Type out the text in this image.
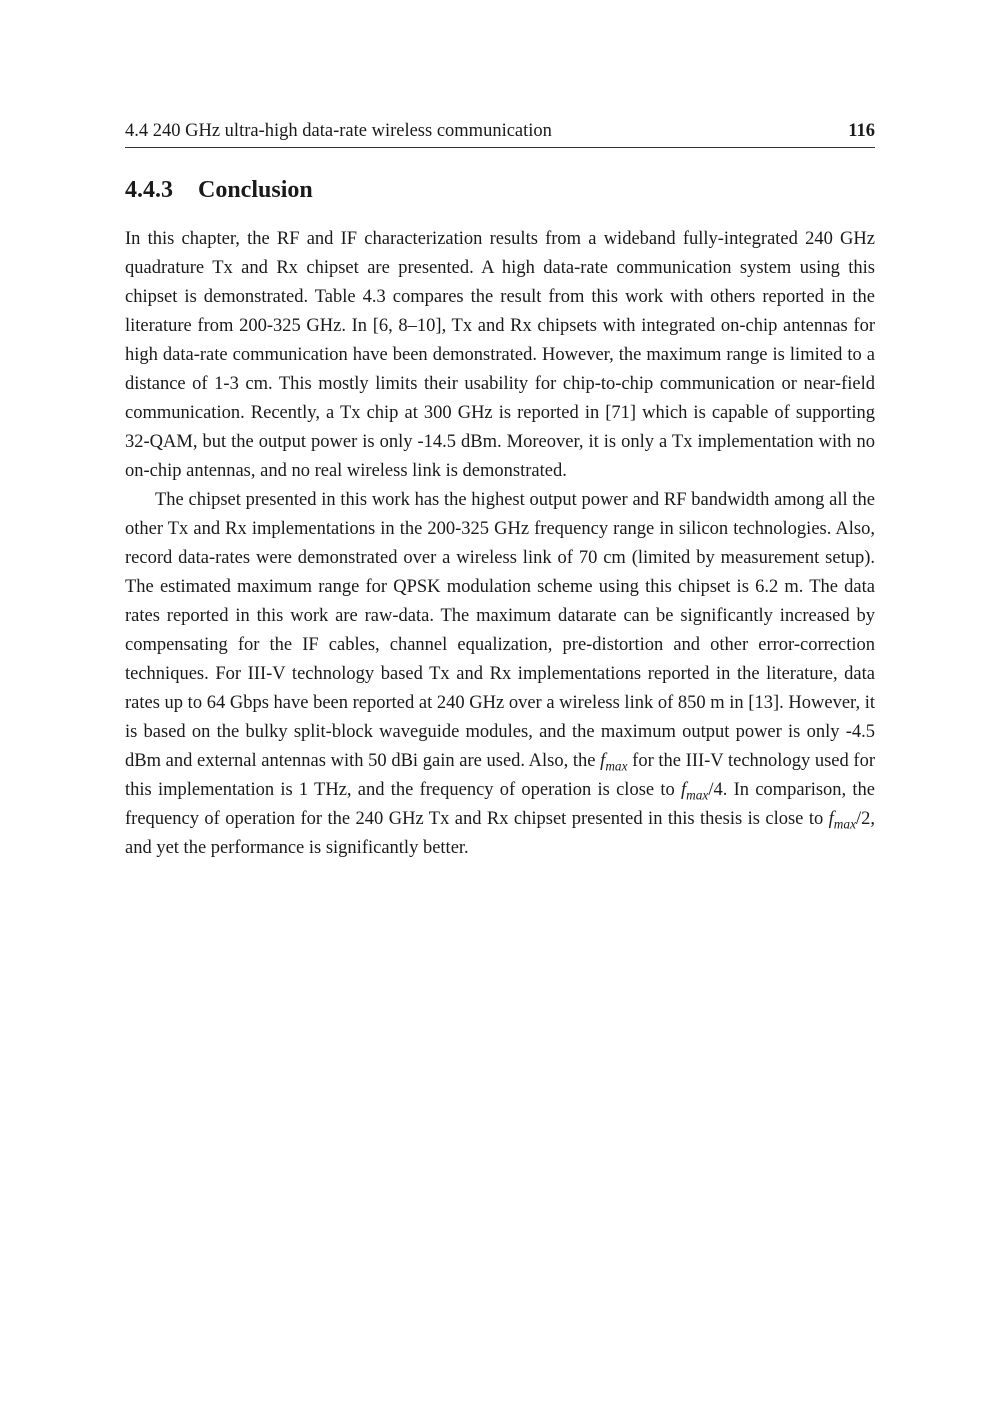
4.4 240 GHz ultra-high data-rate wireless communication	116
4.4.3 Conclusion

In this chapter, the RF and IF characterization results from a wideband fully-integrated 240 GHz quadrature Tx and Rx chipset are presented. A high data-rate communication system using this chipset is demonstrated. Table 4.3 compares the result from this work with others reported in the literature from 200-325 GHz. In [6, 8–10], Tx and Rx chipsets with integrated on-chip antennas for high data-rate communication have been demonstrated. However, the maximum range is limited to a distance of 1-3 cm. This mostly limits their usability for chip-to-chip communication or near-field communication. Recently, a Tx chip at 300 GHz is reported in [71] which is capable of supporting 32-QAM, but the output power is only -14.5 dBm. Moreover, it is only a Tx implementation with no on-chip antennas, and no real wireless link is demonstrated.

The chipset presented in this work has the highest output power and RF bandwidth among all the other Tx and Rx implementations in the 200-325 GHz frequency range in silicon technologies. Also, record data-rates were demonstrated over a wireless link of 70 cm (limited by measurement setup). The estimated maximum range for QPSK modulation scheme using this chipset is 6.2 m. The data rates reported in this work are raw-data. The maximum datarate can be significantly increased by compensating for the IF cables, channel equalization, pre-distortion and other error-correction techniques. For III-V technology based Tx and Rx implementations reported in the literature, data rates up to 64 Gbps have been reported at 240 GHz over a wireless link of 850 m in [13]. However, it is based on the bulky split-block waveguide modules, and the maximum output power is only -4.5 dBm and external antennas with 50 dBi gain are used. Also, the $f_{max}$ for the III-V technology used for this implementation is 1 THz, and the frequency of operation is close to $f_{max}/4$. In comparison, the frequency of operation for the 240 GHz Tx and Rx chipset presented in this thesis is close to $f_{max}/2$, and yet the performance is significantly better.
